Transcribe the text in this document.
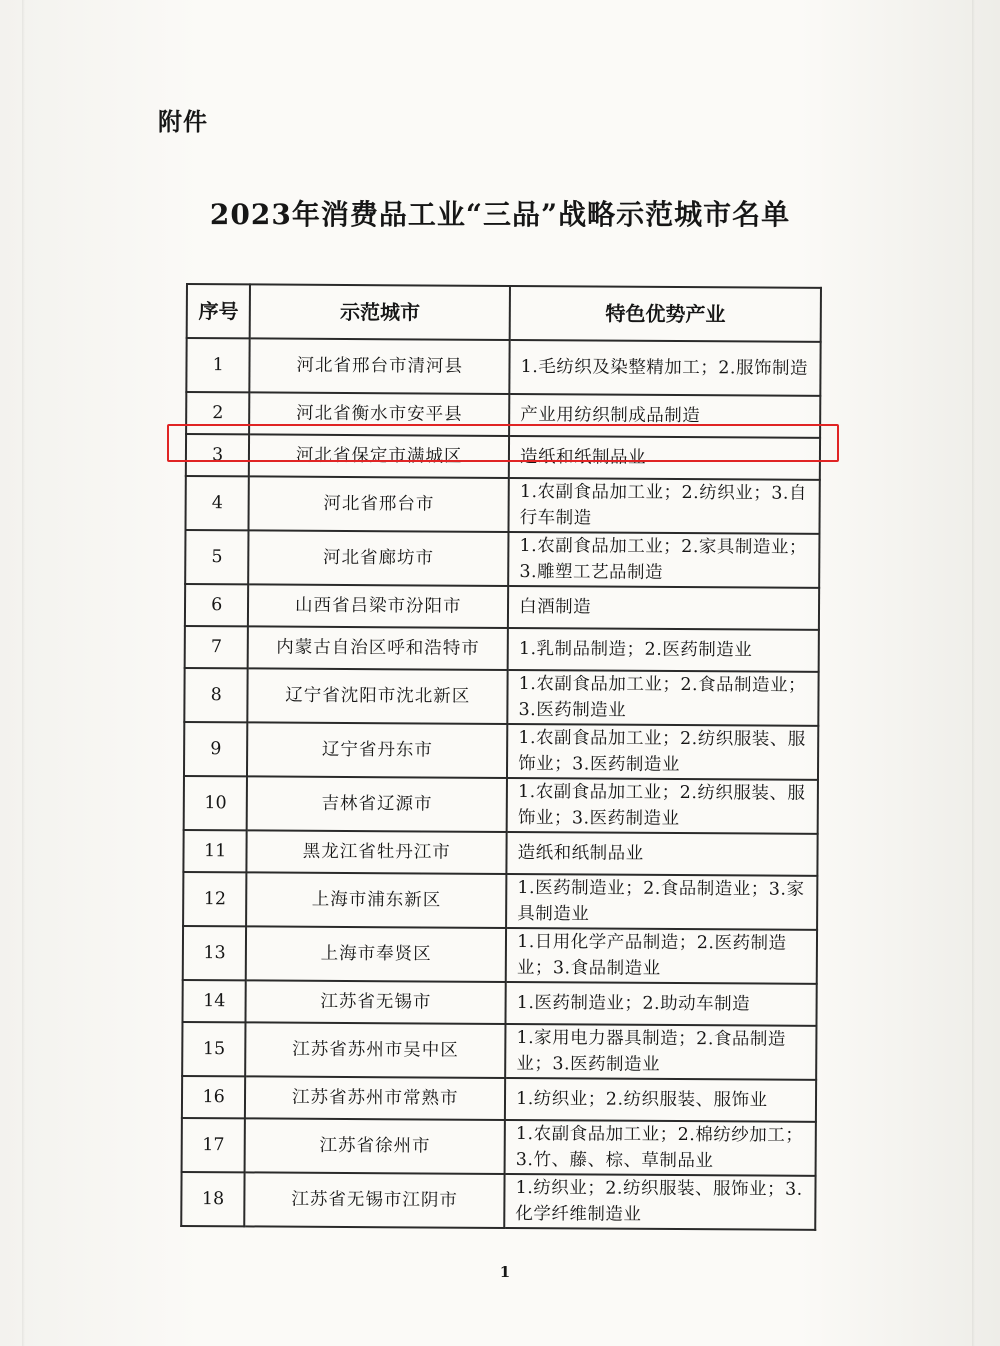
附件
2023年消费品工业“三品”战略示范城市名单
序号	示范城市	特色优势产业
1	河北省邢台市清河县	1.毛纺织及染整精加工；2.服饰制造
2	河北省衡水市安平县	产业用纺织制成品制造
3	河北省保定市满城区	造纸和纸制品业
4	河北省邢台市	1.农副食品加工业；2.纺织业；3.自行车制造
5	河北省廊坊市	1.农副食品加工业；2.家具制造业；3.雕塑工艺品制造
6	山西省吕梁市汾阳市	白酒制造
7	内蒙古自治区呼和浩特市	1.乳制品制造；2.医药制造业
8	辽宁省沈阳市沈北新区	1.农副食品加工业；2.食品制造业；3.医药制造业
9	辽宁省丹东市	1.农副食品加工业；2.纺织服装、服饰业；3.医药制造业
10	吉林省辽源市	1.农副食品加工业；2.纺织服装、服饰业；3.医药制造业
11	黑龙江省牡丹江市	造纸和纸制品业
12	上海市浦东新区	1.医药制造业；2.食品制造业；3.家具制造业
13	上海市奉贤区	1.日用化学产品制造；2.医药制造业；3.食品制造业
14	江苏省无锡市	1.医药制造业；2.助动车制造
15	江苏省苏州市吴中区	1.家用电力器具制造；2.食品制造业；3.医药制造业
16	江苏省苏州市常熟市	1.纺织业；2.纺织服装、服饰业
17	江苏省徐州市	1.农副食品加工业；2.棉纺纱加工；3.竹、藤、棕、草制品业
18	江苏省无锡市江阴市	1.纺织业；2.纺织服装、服饰业；3.化学纤维制造业
1
